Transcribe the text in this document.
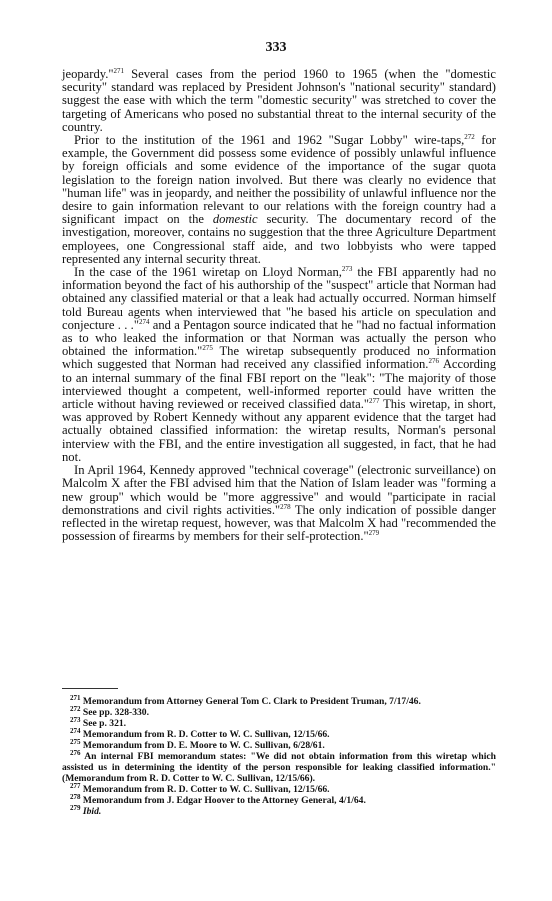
333

jeopardy."$^{271}$ Several cases from the period 1960 to 1965 (when the "domestic security" standard was replaced by President Johnson's "national security" standard) suggest the ease with which the term "domestic security" was stretched to cover the targeting of Americans who posed no substantial threat to the internal security of the country.

Prior to the institution of the 1961 and 1962 "Sugar Lobby" wire-taps,$^{272}$ for example, the Government did possess some evidence of possibly unlawful influence by foreign officials and some evidence of the importance of the sugar quota legislation to the foreign nation involved. But there was clearly no evidence that "human life" was in jeopardy, and neither the possibility of unlawful influence nor the desire to gain information relevant to our relations with the foreign country had a significant impact on the domestic security. The documentary record of the investigation, moreover, contains no suggestion that the three Agriculture Department employees, one Congressional staff aide, and two lobbyists who were tapped represented any internal security threat.

In the case of the 1961 wiretap on Lloyd Norman,$^{273}$ the FBI apparently had no information beyond the fact of his authorship of the "suspect" article that Norman had obtained any classified material or that a leak had actually occurred. Norman himself told Bureau agents when interviewed that "he based his article on speculation and conjecture . . ."$^{274}$ and a Pentagon source indicated that he "had no factual information as to who leaked the information or that Norman was actually the person who obtained the information."$^{275}$ The wiretap subsequently produced no information which suggested that Norman had received any classified information.$^{276}$ According to an internal summary of the final FBI report on the "leak": "The majority of those interviewed thought a competent, well-informed reporter could have written the article without having reviewed or received classified data."$^{277}$ This wiretap, in short, was approved by Robert Kennedy without any apparent evidence that the target had actually obtained classified information: the wiretap results, Norman's personal interview with the FBI, and the entire investigation all suggested, in fact, that he had not.

In April 1964, Kennedy approved "technical coverage" (electronic surveillance) on Malcolm X after the FBI advised him that the Nation of Islam leader was "forming a new group" which would be "more aggressive" and would "participate in racial demonstrations and civil rights activities."$^{278}$ The only indication of possible danger reflected in the wiretap request, however, was that Malcolm X had "recommended the possession of firearms by members for their self-protection."$^{279}$

$^{271}$ Memorandum from Attorney General Tom C. Clark to President Truman, 7/17/46.

$^{272}$ See pp. 328-330.

$^{273}$ See p. 321.

$^{274}$ Memorandum from R. D. Cotter to W. C. Sullivan, 12/15/66.

$^{275}$ Memorandum from D. E. Moore to W. C. Sullivan, 6/28/61.

$^{276}$ An internal FBI memorandum states: "We did not obtain information from this wiretap which assisted us in determining the identity of the person responsible for leaking classified information." (Memorandum from R. D. Cotter to W. C. Sullivan, 12/15/66).

$^{277}$ Memorandum from R. D. Cotter to W. C. Sullivan, 12/15/66.

$^{278}$ Memorandum from J. Edgar Hoover to the Attorney General, 4/1/64.

$^{279}$ Ibid.
